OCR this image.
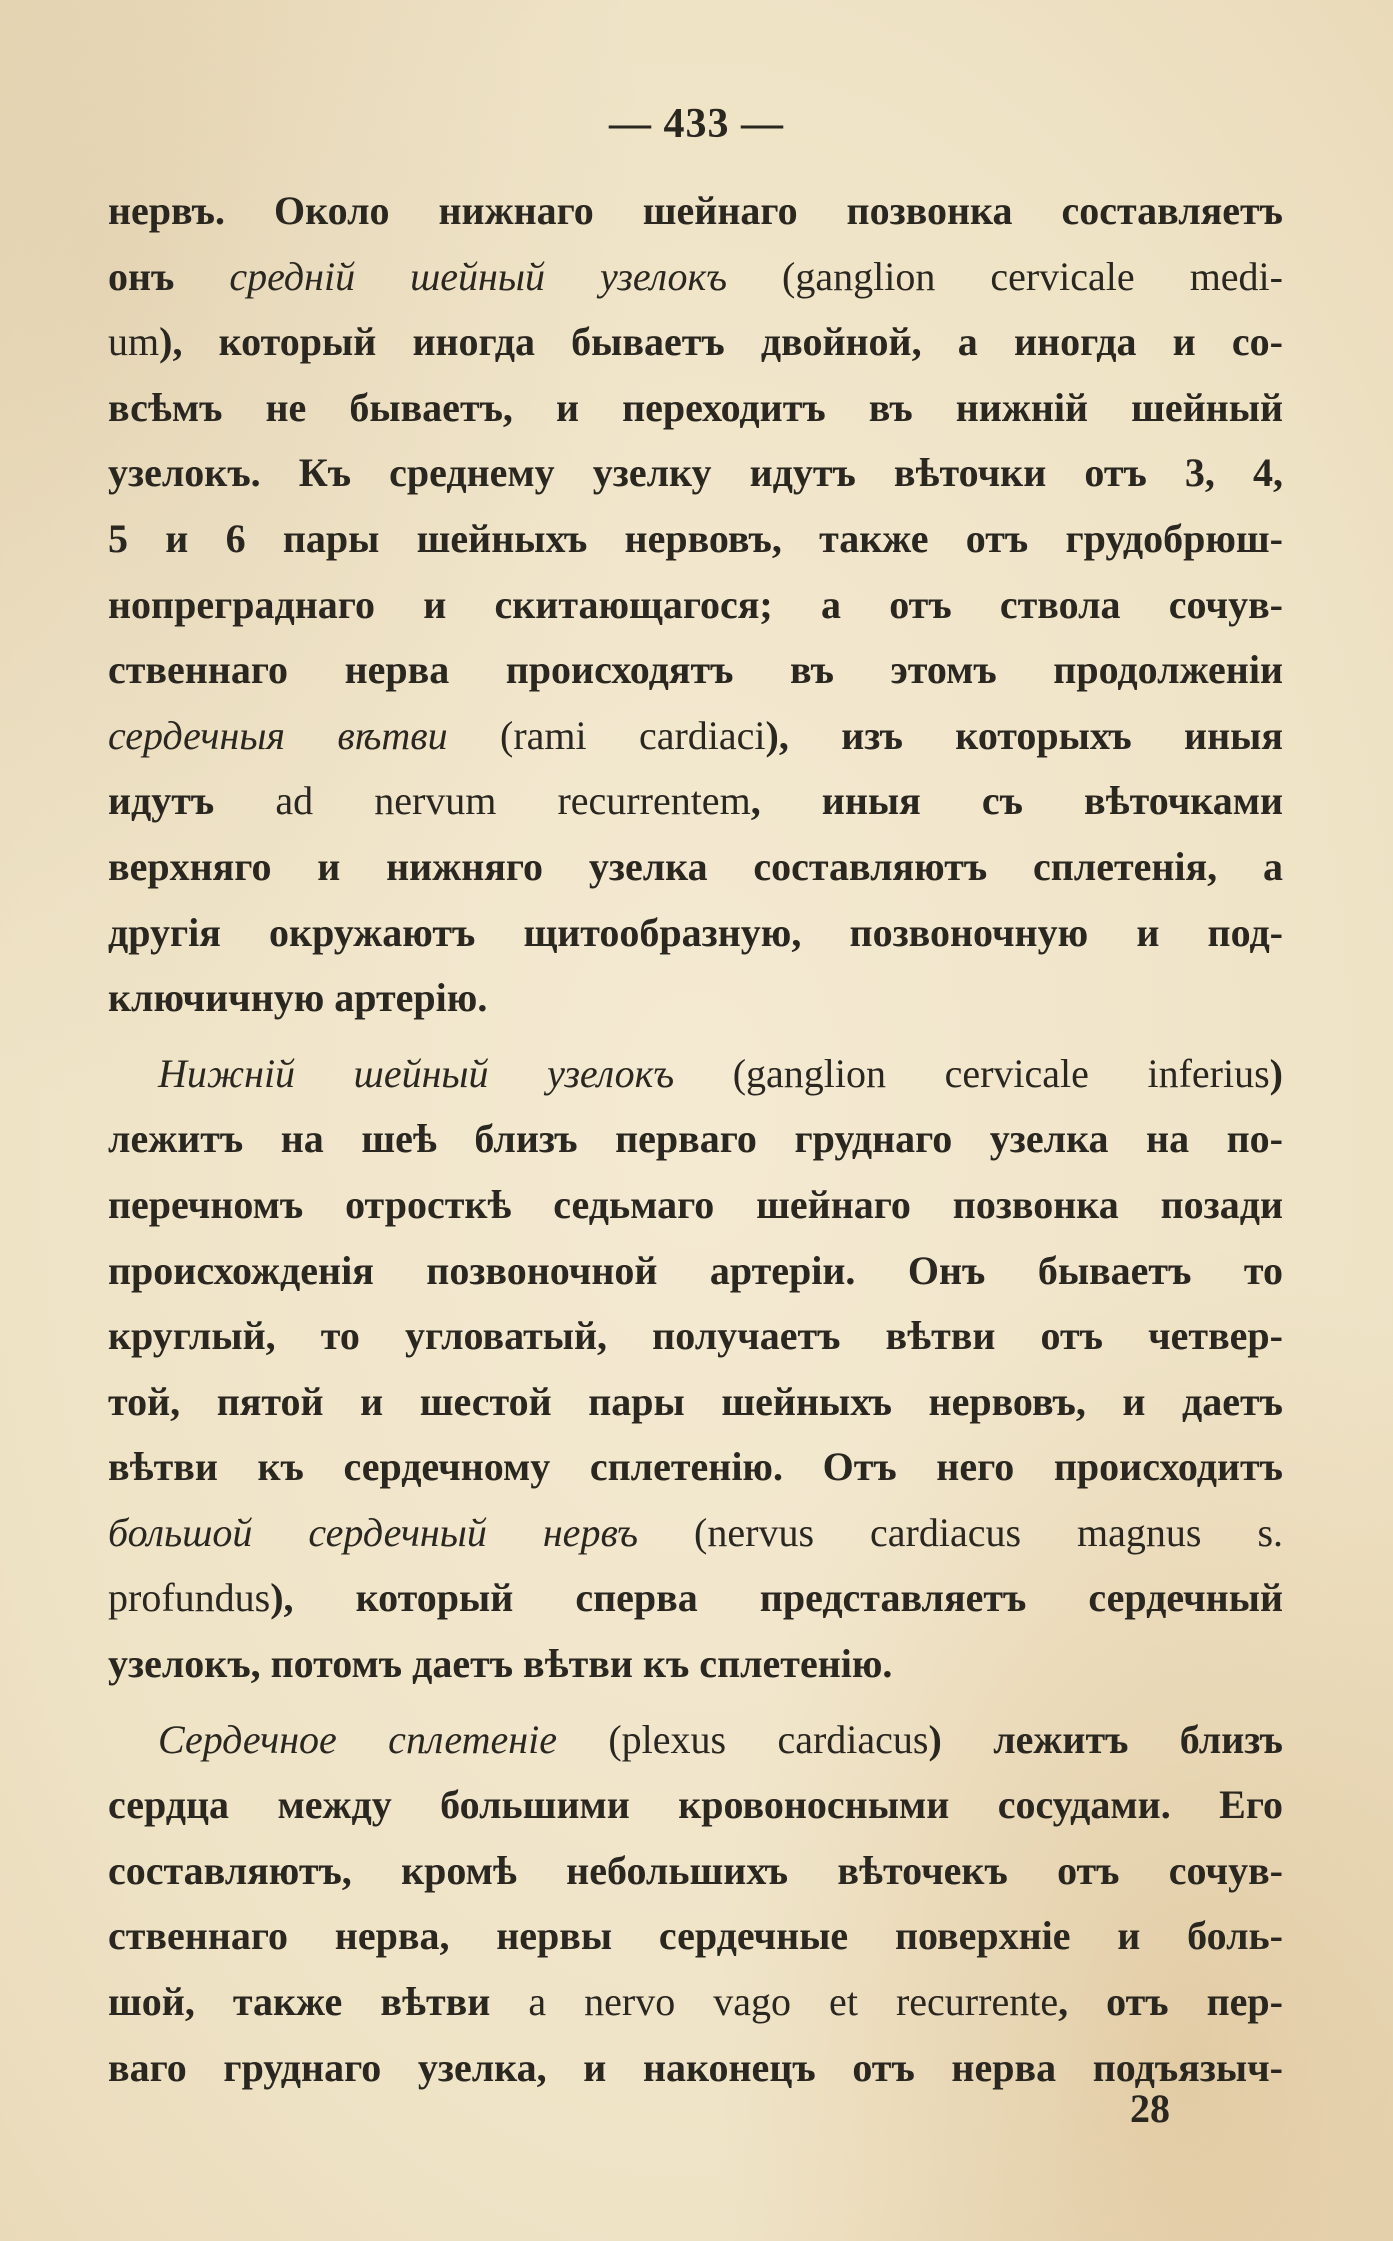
— 433 —
нервъ. Около нижнаго шейнаго позвонка составляетъ
онъ средній шейный узелокъ (ganglion cervicale medi-
um), который иногда бываетъ двойной, а иногда и со-
всѣмъ не бываетъ, и переходитъ въ нижній шейный
узелокъ. Къ среднему узелку идутъ вѣточки отъ 3, 4,
5 и 6 пары шейныхъ нервовъ, также отъ грудобрюш-
нопреграднаго и скитающагося; а отъ ствола сочув-
ственнаго нерва происходятъ въ этомъ продолженіи
сердечныя вѣтви (rami cardiaci), изъ которыхъ иныя
идутъ ad nervum recurrentem, иныя съ вѣточками
верхняго и нижняго узелка составляютъ сплетенія, а
другія окружаютъ щитообразную, позвоночную и под-
ключичную артерію.
Нижній шейный узелокъ (ganglion cervicale inferius)
лежитъ на шеѣ близъ перваго груднаго узелка на по-
перечномъ отросткѣ седьмаго шейнаго позвонка позади
происхожденія позвоночной артеріи. Онъ бываетъ то
круглый, то угловатый, получаетъ вѣтви отъ четвер-
той, пятой и шестой пары шейныхъ нервовъ, и даетъ
вѣтви къ сердечному сплетенію. Отъ него происходитъ
большой сердечный нервъ (nervus cardiacus magnus s.
profundus), который сперва представляетъ сердечный
узелокъ, потомъ даетъ вѣтви къ сплетенію.
Сердечное сплетеніе (plexus cardiacus) лежитъ близъ
сердца между большими кровоносными сосудами. Его
составляютъ, кромѣ небольшихъ вѣточекъ отъ сочув-
ственнаго нерва, нервы сердечные поверхніе и боль-
шой, также вѣтви a nervo vago et recurrente, отъ пер-
ваго груднаго узелка, и наконецъ отъ нерва подъязыч-
28
